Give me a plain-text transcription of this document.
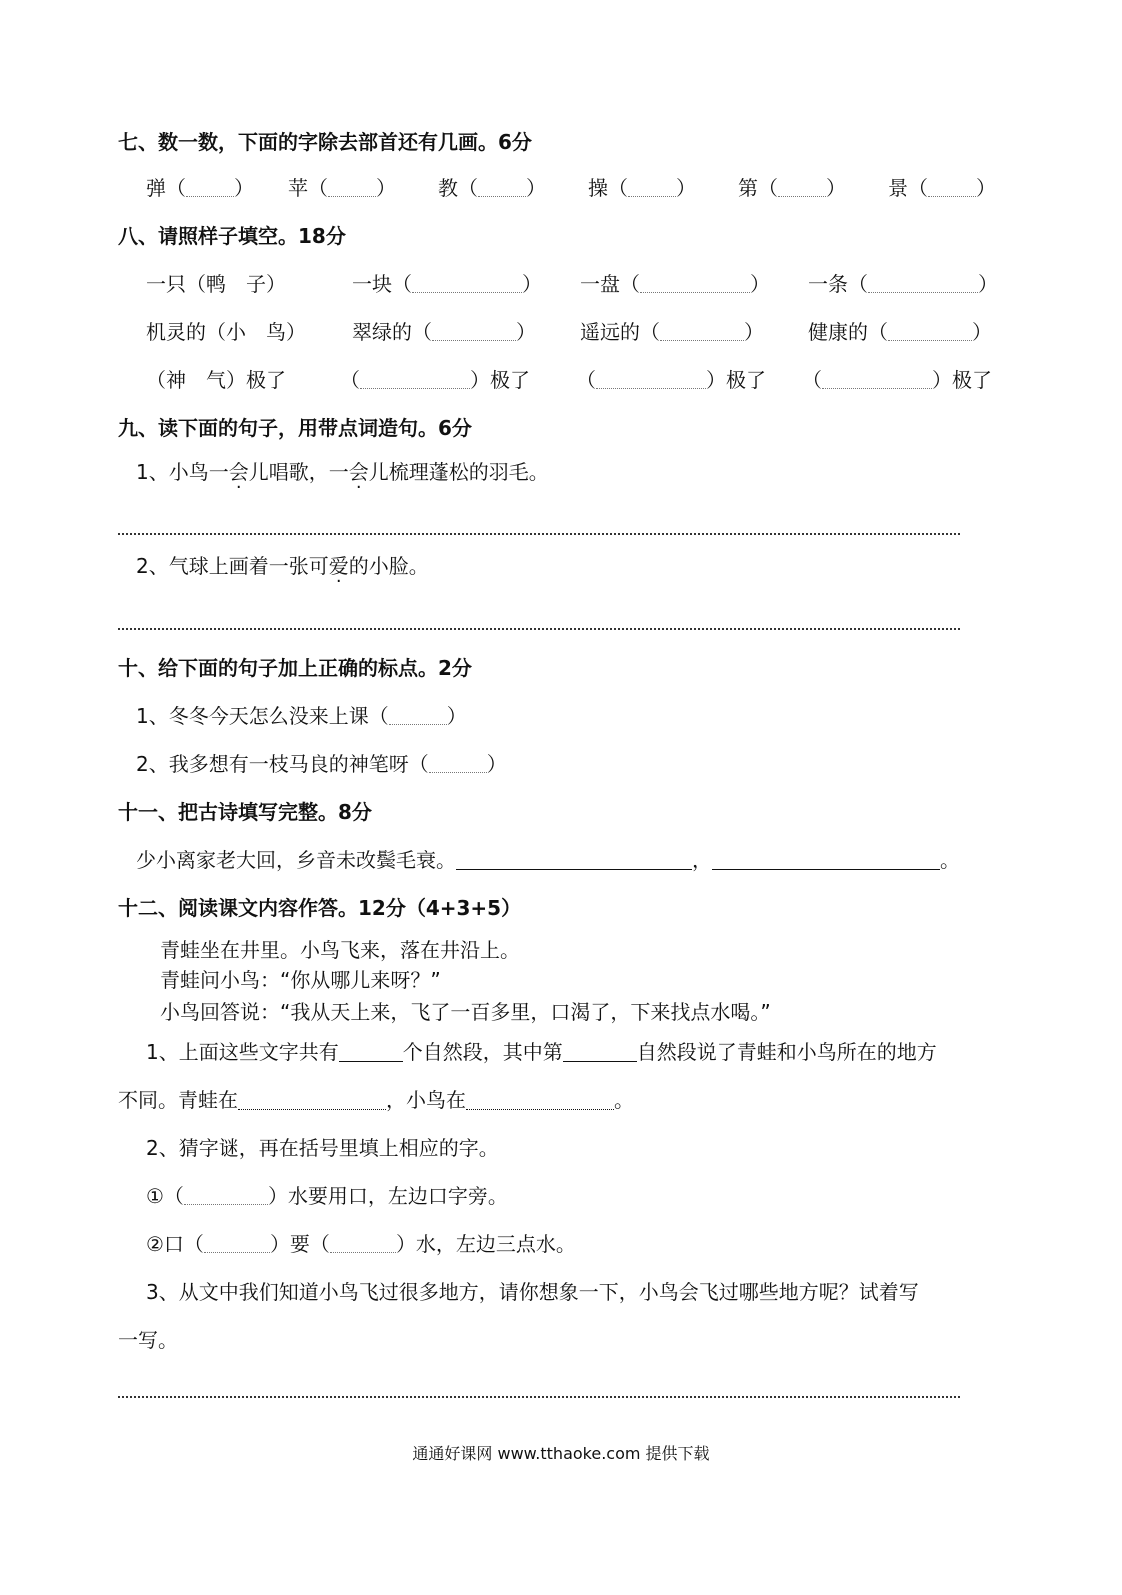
七、数一数，下面的字除去部首还有几画。6分
弹（ ） 苹（ ） 教（ ） 操（ ） 第（ ） 景（ ）
八、请照样子填空。18分
一只（鸭　子）	一块（	） 一盘（	） 一条（	）
机灵的（小　鸟） 翠绿的（	） 遥远的（	） 健康的（	）
（神　气）极了	（	）极了 （	）极了 （	）极了
九、读下面的句子，用带点词造句。6分
1、小鸟一会儿唱歌，一会儿梳理蓬松的羽毛。
2、气球上画着一张可爱的小脸。
十、给下面的句子加上正确的标点。2分
1、冬冬今天怎么没来上课（	）
2、我多想有一枝马良的神笔呀（	）
十一、把古诗填写完整。8分
少小离家老大回，乡音未改鬓毛衰。	，	。
十二、阅读课文内容作答。12分（4+3+5）
青蛙坐在井里。小鸟飞来，落在井沿上。
青蛙问小鸟：“你从哪儿来呀？”
小鸟回答说：“我从天上来，飞了一百多里，口渴了，下来找点水喝。”
1、上面这些文字共有	个自然段，其中第	自然段说了青蛙和小鸟所在的地方
不同。青蛙在	，小鸟在	。
2、猜字谜，再在括号里填上相应的字。
①（	）水要用口，左边口字旁。
②口（	）要（	）水，左边三点水。
3、从文中我们知道小鸟飞过很多地方，请你想象一下，小鸟会飞过哪些地方呢？试着写
一写。
通通好课网 www.tthaoke.com 提供下载
